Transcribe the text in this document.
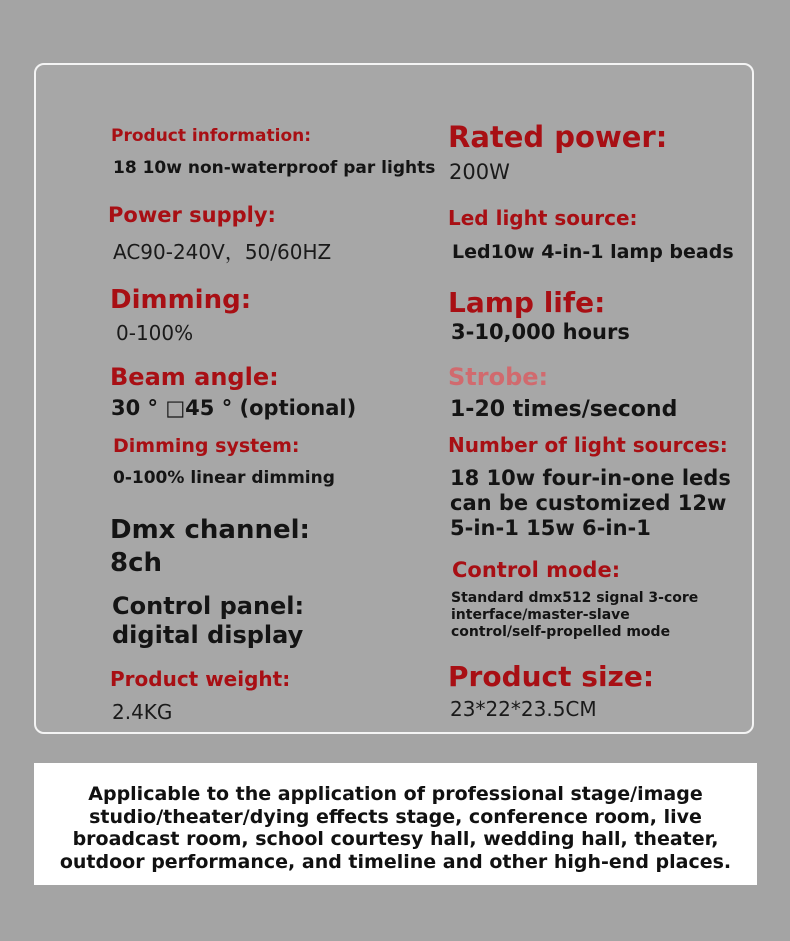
Product information:
18 10w non-waterproof par lights
Power supply:
AC90-240V，50/60HZ
Dimming:
0-100%
Beam angle:
30 ° □45 ° (optional)
Dimming system:
0-100% linear dimming
Dmx channel:
8ch
Control panel:
digital display
Product weight:
2.4KG
Rated power:
200W
Led light source:
Led10w 4-in-1 lamp beads
Lamp life:
3-10,000 hours
Strobe:
1-20 times/second
Number of light sources:
18 10w four-in-one leds
can be customized 12w
5-in-1 15w 6-in-1
Control mode:
Standard dmx512 signal 3-core
interface/master-slave
control/self-propelled mode
Product size:
23*22*23.5CM

Applicable to the application of professional stage/image
studio/theater/dying effects stage, conference room, live
broadcast room, school courtesy hall, wedding hall, theater,
outdoor performance, and timeline and other high-end places.
